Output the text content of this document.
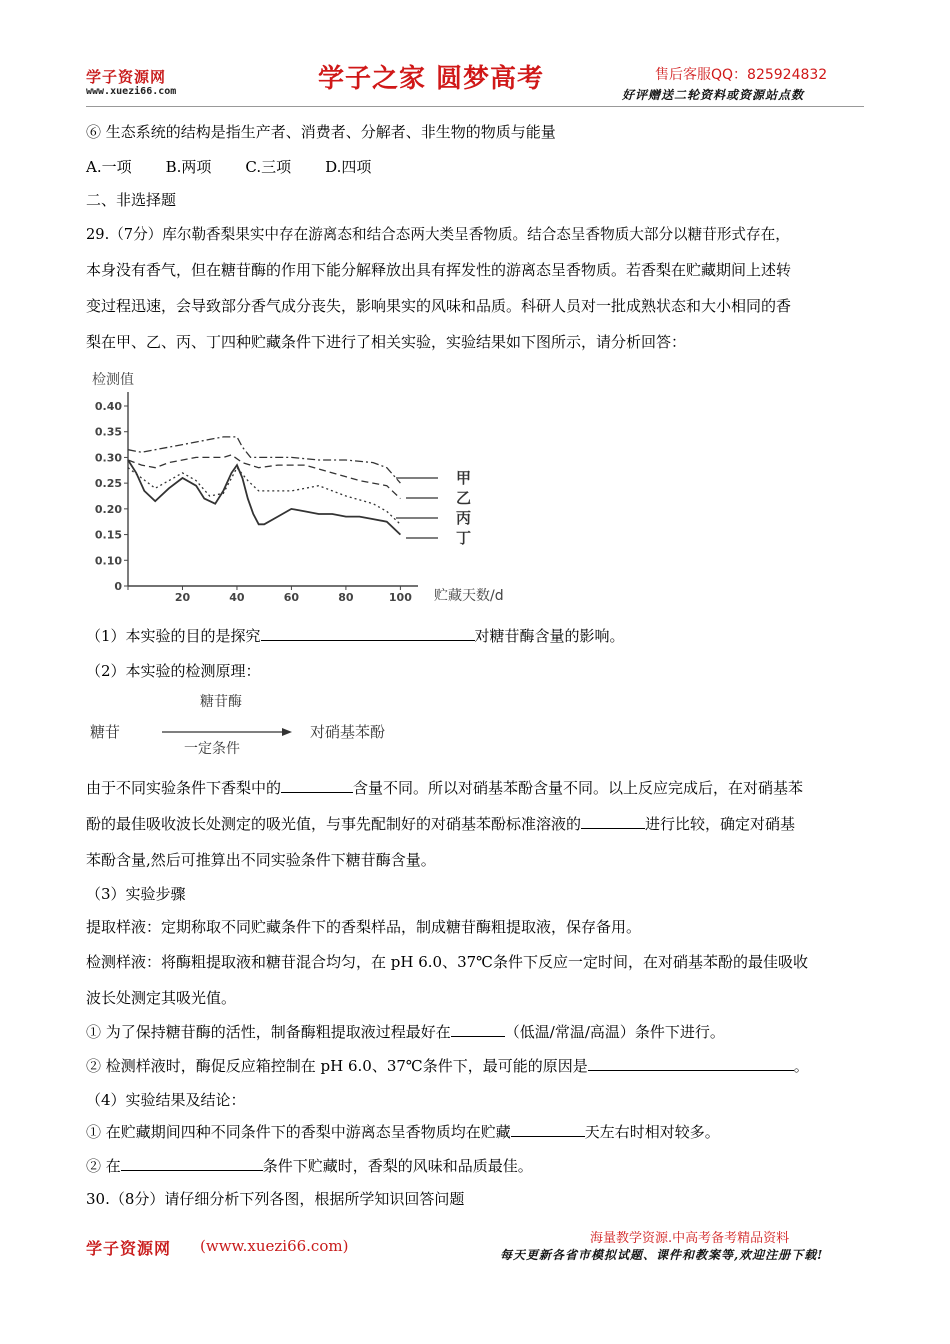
学子资源网
www.xuezi66.com	学子之家 圆梦高考	售后客服QQ：825924832
好评赠送二轮资料或资源站点数
⑥ 生态系统的结构是指生产者、消费者、分解者、非生物的物质与能量
A.一项 B.两项 C.三项 D.四项
二、非选择题
29.（7分）库尔勒香梨果实中存在游离态和结合态两大类呈香物质。结合态呈香物质大部分以糖苷形式存在，
本身没有香气，但在糖苷酶的作用下能分解释放出具有挥发性的游离态呈香物质。若香梨在贮藏期间上述转
变过程迅速，会导致部分香气成分丧失，影响果实的风味和品质。科研人员对一批成熟状态和大小相同的香
梨在甲、乙、丙、丁四种贮藏条件下进行了相关实验，实验结果如下图所示，请分析回答：
检测值
贮藏天数/d
0
0.10
0.15
0.20
0.25
0.30
0.35
0.40
20	40	60	80	100
甲
乙
丙
丁
（1）本实验的目的是探究	对糖苷酶含量的影响。
（2）本实验的检测原理：
糖苷
糖苷酶
一定条件
对硝基苯酚
由于不同实验条件下香梨中的	含量不同。所以对硝基苯酚含量不同。以上反应完成后，在对硝基苯
酚的最佳吸收波长处测定的吸光值，与事先配制好的对硝基苯酚标准溶液的	进行比较，确定对硝基
苯酚含量,然后可推算出不同实验条件下糖苷酶含量。
（3）实验步骤
提取样液：定期称取不同贮藏条件下的香梨样品，制成糖苷酶粗提取液，保存备用。
检测样液：将酶粗提取液和糖苷混合均匀，在 pH 6.0、37℃条件下反应一定时间，在对硝基苯酚的最佳吸收
波长处测定其吸光值。
① 为了保持糖苷酶的活性，制备酶粗提取液过程最好在	（低温/常温/高温）条件下进行。
② 检测样液时，酶促反应箱控制在 pH 6.0、37℃条件下，最可能的原因是	。
（4）实验结果及结论：
① 在贮藏期间四种不同条件下的香梨中游离态呈香物质均在贮藏	天左右时相对较多。
② 在	条件下贮藏时，香梨的风味和品质最佳。
30.（8分）请仔细分析下列各图，根据所学知识回答问题
学子资源网 (www.xuezi66.com)	海量教学资源.中高考备考精品资料
每天更新各省市模拟试题、课件和教案等,欢迎注册下载!
